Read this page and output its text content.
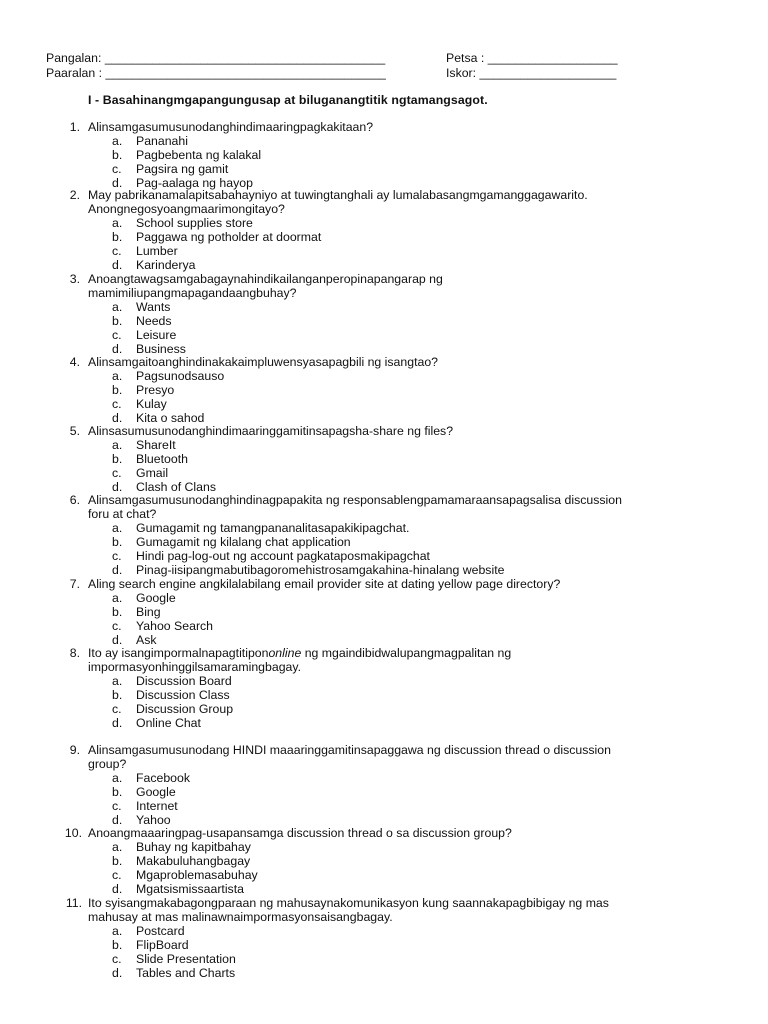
Pangalan: _________________________________________	Petsa : ___________________
Paaralan : _________________________________________	Iskor: ____________________
I - Basahinangmgapangungusap at biluganangtitik ngtamangsagot.
1. Alinsamgasumusunodanghindimaaringpagkakitaan?
a. Pananahi
b. Pagbebenta ng kalakal
c. Pagsira ng gamit
d. Pag-aalaga ng hayop
2. May pabrikanamalapitsabahayniyo at tuwingtanghali ay lumalabasangmgamanggagawarito.
Anongnegosyoangmaarimongitayo?
a. School supplies store
b. Paggawa ng potholder at doormat
c. Lumber
d. Karinderya
3. Anoangtawagsamgabagaynahindikailanganperopinapangarap ng
mamimiliupangmapagandaangbuhay?
a. Wants
b. Needs
c. Leisure
d. Business
4. Alinsamgaitoanghindinakakaimpluwensyasapagbili ng isangtao?
a. Pagsunodsauso
b. Presyo
c. Kulay
d. Kita o sahod
5. Alinsasumusunodanghindimaaringgamitinsapagsha-share ng files?
a. ShareIt
b. Bluetooth
c. Gmail
d. Clash of Clans
6. Alinsamgasumusunodanghindinagpapakita ng responsablengpamamaraansapagsalisa discussion
foru at chat?
a. Gumagamit ng tamangpananalitasapakikipagchat.
b. Gumagamit ng kilalang chat application
c. Hindi pag-log-out ng account pagkataposmakipagchat
d. Pinag-iisipangmabutibagoromehistrosamgakahina-hinalang website
7. Aling search engine angkilalabilang email provider site at dating yellow page directory?
a. Google
b. Bing
c. Yahoo Search
d. Ask
8. Ito ay isangimpormalnapagtitipononline ng mgaindibidwalupangmagpalitan ng
impormasyonhinggilsamaramingbagay.
a. Discussion Board
b. Discussion Class
c. Discussion Group
d. Online Chat
9. Alinsamgasumusunodang HINDI maaaringgamitinsapaggawa ng discussion thread o discussion
group?
a. Facebook
b. Google
c. Internet
d. Yahoo
10. Anoangmaaaringpag-usapansamga discussion thread o sa discussion group?
a. Buhay ng kapitbahay
b. Makabuluhangbagay
c. Mgaproblemasabuhay
d. Mgatsismissaartista
11. Ito syisangmakabagongparaan ng mahusaynakomunikasyon kung saannakapagbibigay ng mas
mahusay at mas malinawnaimpormasyonsaisangbagay.
a. Postcard
b. FlipBoard
c. Slide Presentation
d. Tables and Charts
